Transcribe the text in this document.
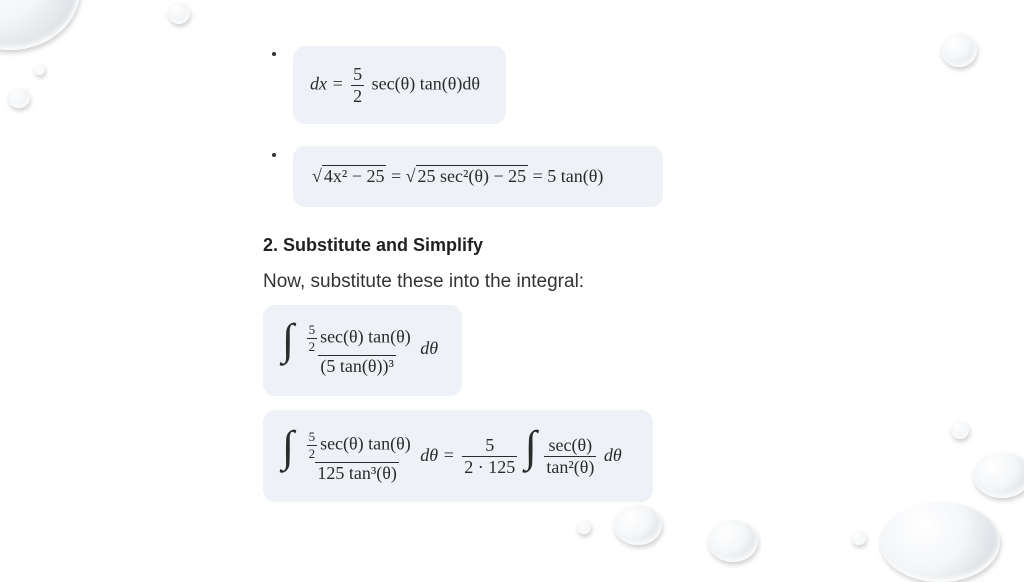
dx = $\frac{5}{2} \sec(\theta)$ tan(θ)dθ
√ 4x² − 25 = √ 25 sec²(θ) − 25 = 5 tan(θ)
2. Substitute and Simplify
Now, substitute these into the integral:
∫ $\frac{\frac{5}{2} \sec(\theta) \tan(\theta)}{\text{(5 tan(θ))³}}$ dθ
∫ $\frac{\frac{5}{2} \sec(\theta) \tan(\theta)}{\text{125 tan³(θ)}}$ $d\theta = \frac{5}{2 \cdot 125}$ ∫ $\frac{\sec(\theta)}{\text{tan²(θ)}}$ dθ
